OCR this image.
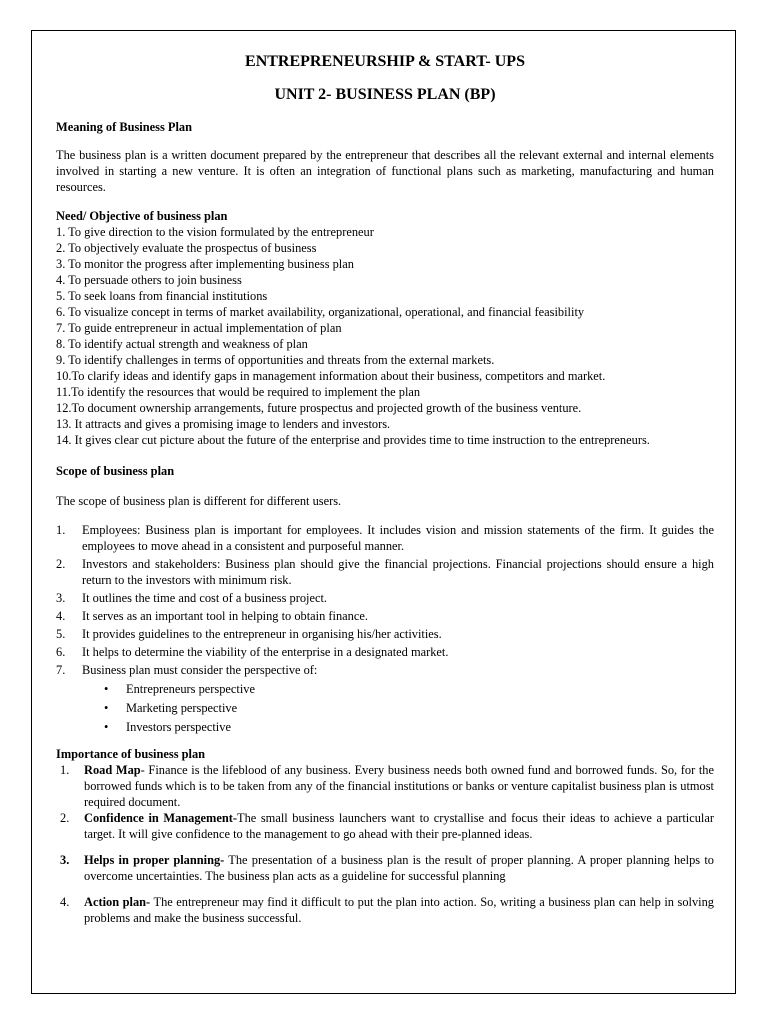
ENTREPRENEURSHIP & START- UPS
UNIT 2- BUSINESS PLAN (BP)
Meaning of Business Plan

The business plan is a written document prepared by the entrepreneur that describes all the relevant external and internal elements involved in starting a new venture. It is often an integration of functional plans such as marketing, manufacturing and human resources.

Need/ Objective of business plan
1. To give direction to the vision formulated by the entrepreneur
2. To objectively evaluate the prospectus of business
3. To monitor the progress after implementing business plan
4. To persuade others to join business
5. To seek loans from financial institutions
6. To visualize concept in terms of market availability, organizational, operational, and financial feasibility
7. To guide entrepreneur in actual implementation of plan
8. To identify actual strength and weakness of plan
9. To identify challenges in terms of opportunities and threats from the external markets.
10.To clarify ideas and identify gaps in management information about their business, competitors and market.
11.To identify the resources that would be required to implement the plan
12.To document ownership arrangements, future prospectus and projected growth of the business venture.
13. It attracts and gives a promising image to lenders and investors.
14. It gives clear cut picture about the future of the enterprise and provides time to time instruction to the entrepreneurs.
Scope of business plan

The scope of business plan is different for different users.

1. Employees: Business plan is important for employees. It includes vision and mission statements of the firm. It guides the employees to move ahead in a consistent and purposeful manner.
2. Investors and stakeholders: Business plan should give the financial projections. Financial projections should ensure a high return to the investors with minimum risk.
3. It outlines the time and cost of a business project.
4. It serves as an important tool in helping to obtain finance.
5. It provides guidelines to the entrepreneur in organising his/her activities.
6. It helps to determine the viability of the enterprise in a designated market.
7. Business plan must consider the perspective of:
• Entrepreneurs perspective
• Marketing perspective
• Investors perspective
Importance of business plan
1. Road Map- Finance is the lifeblood of any business. Every business needs both owned fund and borrowed funds. So, for the borrowed funds which is to be taken from any of the financial institutions or banks or venture capitalist business plan is utmost required document.
2. Confidence in Management-The small business launchers want to crystallise and focus their ideas to achieve a particular target. It will give confidence to the management to go ahead with their pre-planned ideas.
3. Helps in proper planning- The presentation of a business plan is the result of proper planning. A proper planning helps to overcome uncertainties. The business plan acts as a guideline for successful planning
4. Action plan- The entrepreneur may find it difficult to put the plan into action. So, writing a business plan can help in solving problems and make the business successful.
